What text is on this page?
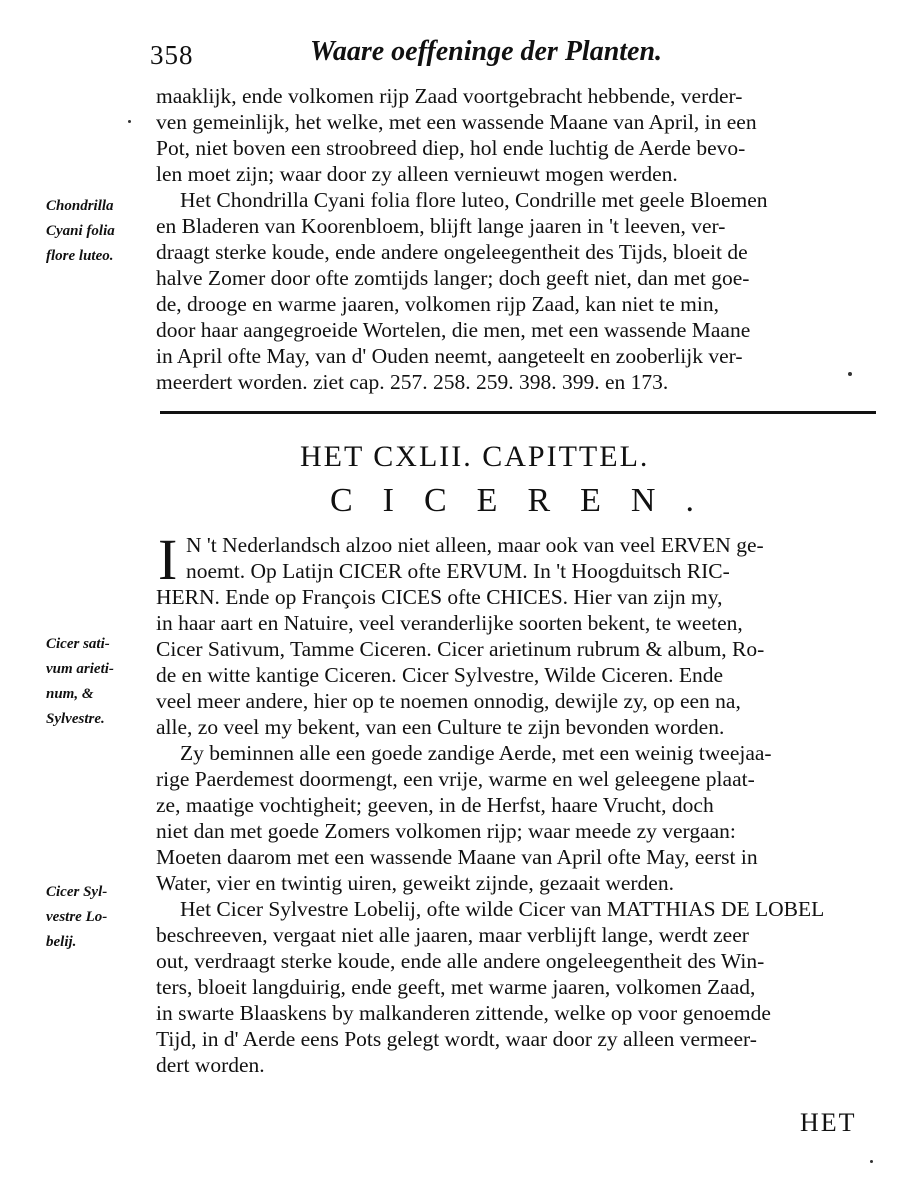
358	Waare oeffeninge der Planten.
maaklijk, ende volkomen rijp Zaad voortgebracht hebbende, verder-
ven gemeinlijk, het welke, met een wassende Maane van April, in een
Pot, niet boven een stroobreed diep, hol ende luchtig de Aerde bevo-
len moet zijn; waar door zy alleen vernieuwt mogen werden.
Het Chondrilla Cyani folia flore luteo, Condrille met geele Bloemen
en Bladeren van Koorenbloem, blijft lange jaaren in 't leeven, ver-
draagt sterke koude, ende andere ongeleegentheit des Tijds, bloeit de
halve Zomer door ofte zomtijds langer; doch geeft niet, dan met goe-
de, drooge en warme jaaren, volkomen rijp Zaad, kan niet te min,
door haar aangegroeide Wortelen, die men, met een wassende Maane
in April ofte May, van d' Ouden neemt, aangeteelt en zooberlijk ver-
meerdert worden. ziet cap. 257. 258. 259. 398. 399. en 173.
Chondrilla
Cyani folia
flore luteo.
HET CXLII. CAPITTEL.
CICEREN.
I N 't Nederlandsch alzoo niet alleen, maar ook van veel ERVEN ge-
noemt. Op Latijn CICER ofte ERVUM. In 't Hoogduitsch RIC-
HERN. Ende op François CICES ofte CHICES. Hier van zijn my,
in haar aart en Natuire, veel veranderlijke soorten bekent, te weeten,
Cicer Sativum, Tamme Ciceren. Cicer arietinum rubrum & album, Ro-
de en witte kantige Ciceren. Cicer Sylvestre, Wilde Ciceren. Ende
veel meer andere, hier op te noemen onnodig, dewijle zy, op een na,
alle, zo veel my bekent, van een Culture te zijn bevonden worden.
Zy beminnen alle een goede zandige Aerde, met een weinig tweejaa-
rige Paerdemest doormengt, een vrije, warme en wel geleegene plaat-
ze, maatige vochtigheit; geeven, in de Herfst, haare Vrucht, doch
niet dan met goede Zomers volkomen rijp; waar meede zy vergaan:
Moeten daarom met een wassende Maane van April ofte May, eerst in
Water, vier en twintig uiren, geweikt zijnde, gezaait werden.
Het Cicer Sylvestre Lobelij, ofte wilde Cicer van MATTHIAS DE LOBEL
beschreeven, vergaat niet alle jaaren, maar verblijft lange, werdt zeer
out, verdraagt sterke koude, ende alle andere ongeleegentheit des Win-
ters, bloeit langduirig, ende geeft, met warme jaaren, volkomen Zaad,
in swarte Blaaskens by malkanderen zittende, welke op voor genoemde
Tijd, in d' Aerde eens Pots gelegt wordt, waar door zy alleen vermeer-
dert worden.
Cicer sati-
vum arieti-
num, &
Sylvestre.
Cicer Syl-
vestre Lo-
belij.
HET
